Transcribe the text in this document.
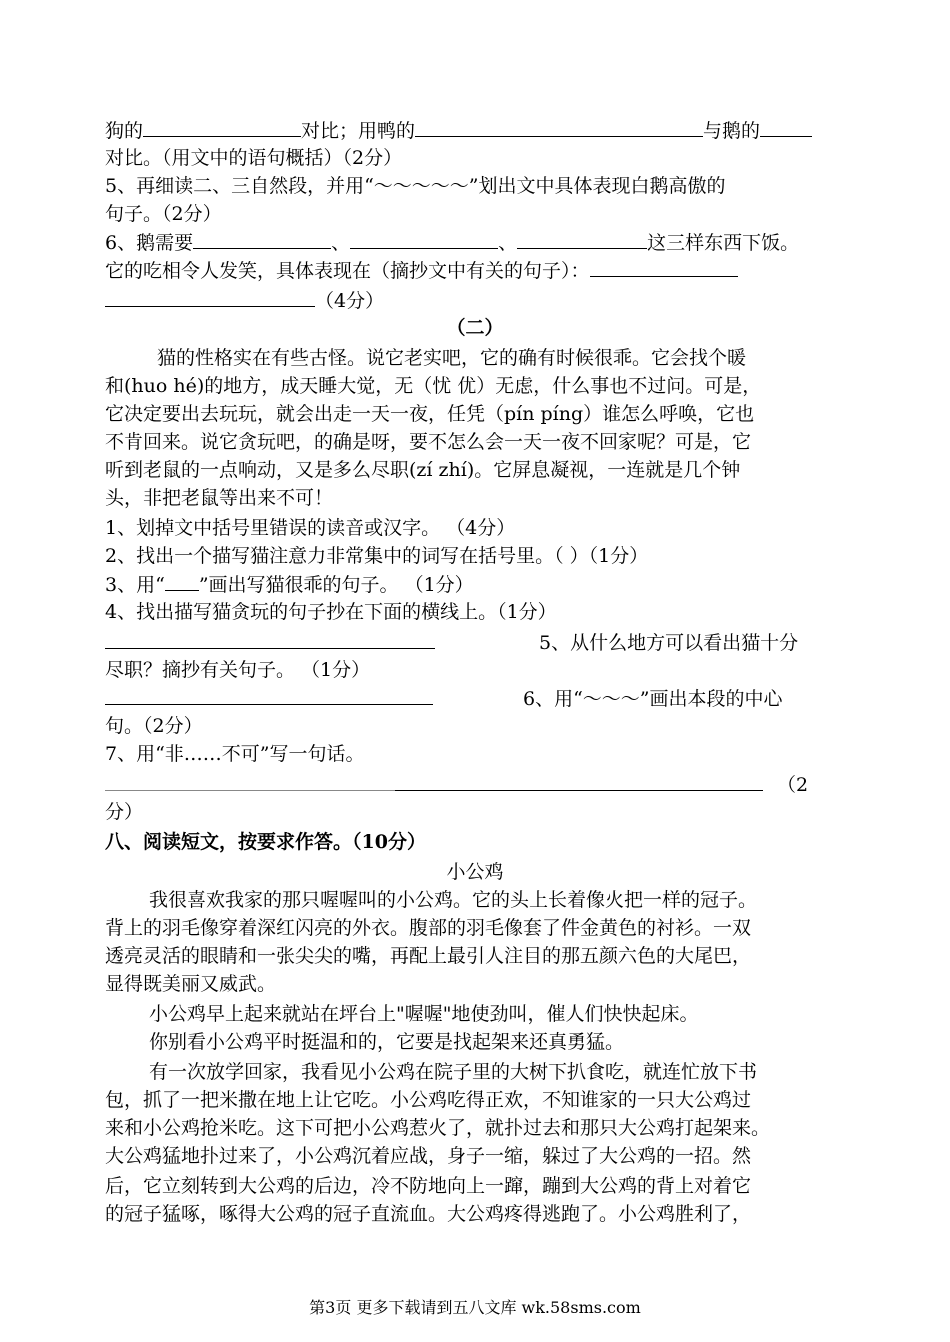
狗的	对比；用鸭的	与鹅的
对比。（用文中的语句概括）（2分）
5、再细读二、三自然段，并用“～～～～～”划出文中具体表现白鹅高傲的
句子。（2分）
6、鹅需要	、	、	这三样东西下饭。
它的吃相令人发笑，具体表现在（摘抄文中有关的句子）：
（4分）
（二）
猫的性格实在有些古怪。说它老实吧，它的确有时候很乖。它会找个暖
和(huo hé)的地方，成天睡大觉，无（忧 优）无虑，什么事也不过问。可是，
它决定要出去玩玩，就会出走一天一夜，任凭（pín píng）谁怎么呼唤，它也
不肯回来。说它贪玩吧，的确是呀，要不怎么会一天一夜不回家呢？可是，它
听到老鼠的一点响动，又是多么尽职(zí zhí)。它屏息凝视，一连就是几个钟
头，非把老鼠等出来不可！
1、划掉文中括号里错误的读音或汉字。 （4分）
2、找出一个描写猫注意力非常集中的词写在括号里。（ ）（1分）
3、用“ ”画出写猫很乖的句子。 （1分）
4、找出描写猫贪玩的句子抄在下面的横线上。（1分）
5、从什么地方可以看出猫十分
尽职？摘抄有关句子。 （1分）
6、用“～～～”画出本段的中心
句。（2分）
7、用“非……不可”写一句话。
（2
分）
八、阅读短文，按要求作答。（10分）
小公鸡
我很喜欢我家的那只喔喔叫的小公鸡。它的头上长着像火把一样的冠子。
背上的羽毛像穿着深红闪亮的外衣。腹部的羽毛像套了件金黄色的衬衫。一双
透亮灵活的眼睛和一张尖尖的嘴，再配上最引人注目的那五颜六色的大尾巴，
显得既美丽又威武。
小公鸡早上起来就站在坪台上"喔喔"地使劲叫，催人们快快起床。
你别看小公鸡平时挺温和的，它要是找起架来还真勇猛。
有一次放学回家，我看见小公鸡在院子里的大树下扒食吃，就连忙放下书
包，抓了一把米撒在地上让它吃。小公鸡吃得正欢，不知谁家的一只大公鸡过
来和小公鸡抢米吃。这下可把小公鸡惹火了，就扑过去和那只大公鸡打起架来。
大公鸡猛地扑过来了，小公鸡沉着应战，身子一缩，躲过了大公鸡的一招。然
后，它立刻转到大公鸡的后边，冷不防地向上一蹿，蹦到大公鸡的背上对着它
的冠子猛啄，啄得大公鸡的冠子直流血。大公鸡疼得逃跑了。小公鸡胜利了，
第3页 更多下载请到五八文库 wk.58sms.com
